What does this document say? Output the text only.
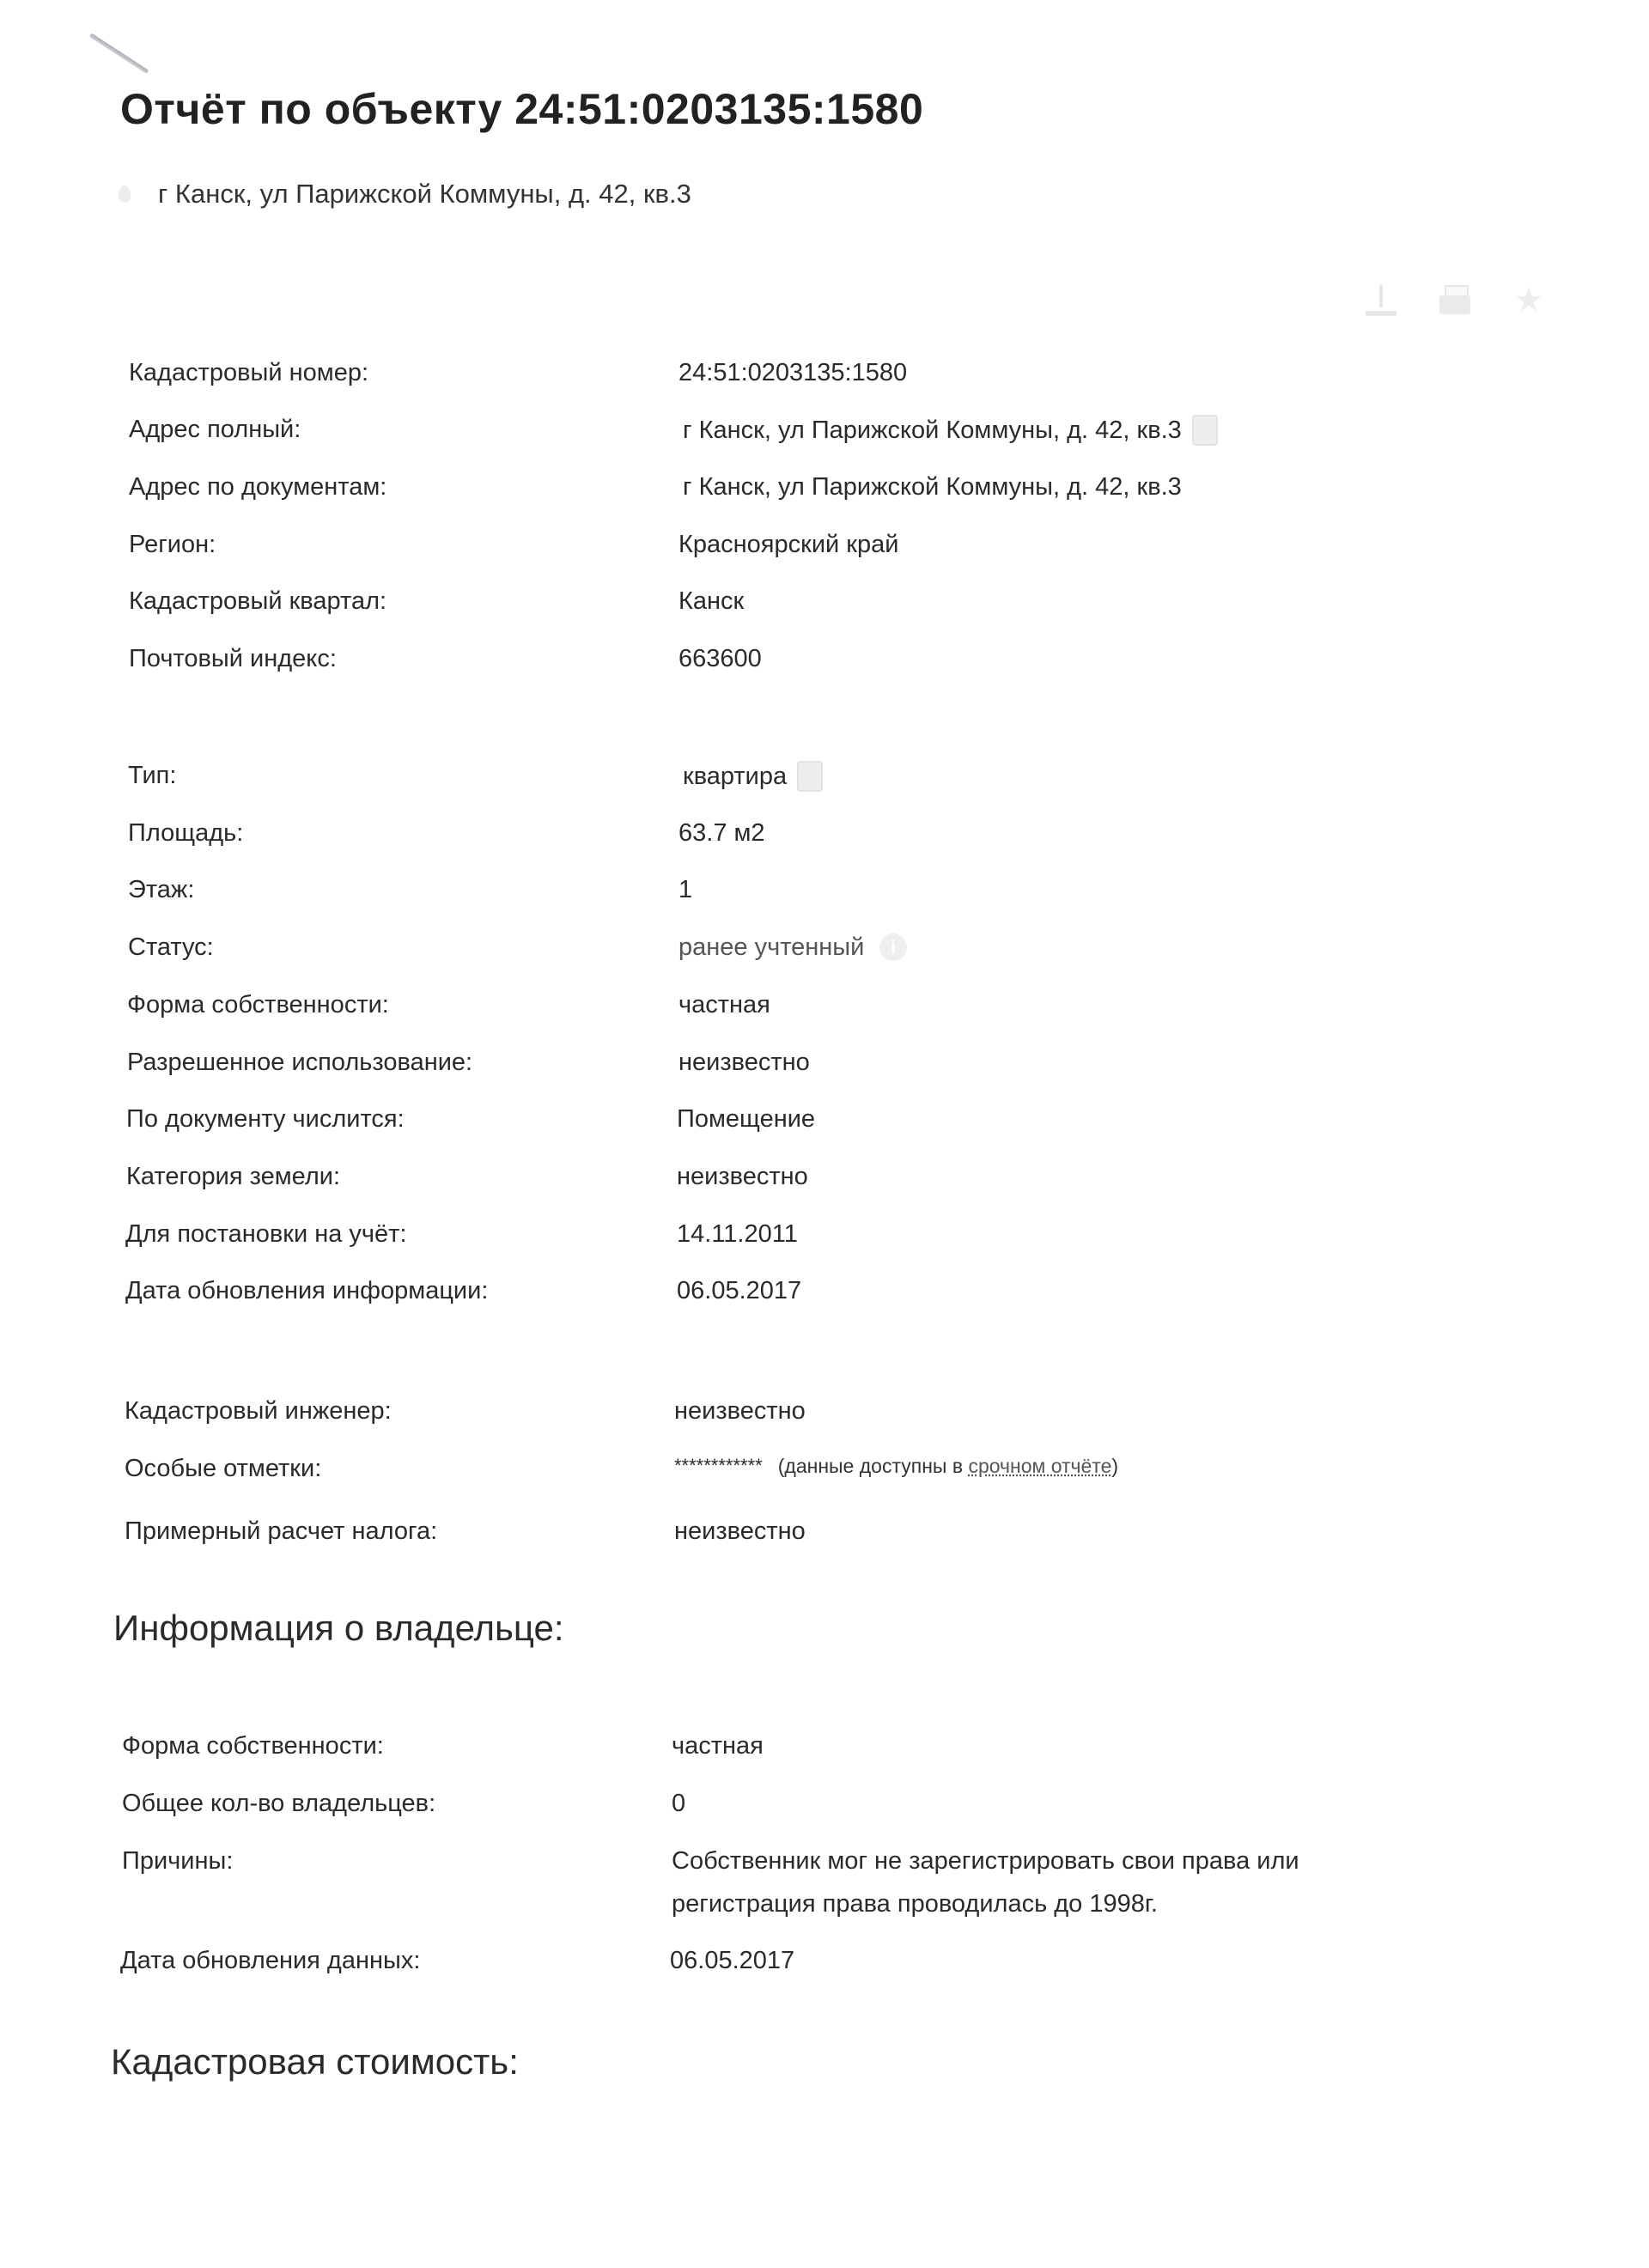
Отчёт по объекту 24:51:0203135:1580
г Канск, ул Парижской Коммуны, д. 42, кв.3
★
Кадастровый номер:	24:51:0203135:1580
Адрес полный:	г Канск, ул Парижской Коммуны, д. 42, кв.3
Адрес по документам:	г Канск, ул Парижской Коммуны, д. 42, кв.3
Регион:	Красноярский край
Кадастровый квартал:	Канск
Почтовый индекс:	663600
Тип:	квартира
Площадь:	63.7 м2
Этаж:	1
Статус:	ранее учтенный	i
Форма собственности:	частная
Разрешенное использование:	неизвестно
По документу числится:	Помещение
Категория земели:	неизвестно
Для постановки на учёт:	14.11.2011
Дата обновления информации:	06.05.2017
Кадастровый инженер:	неизвестно
Особые отметки:	************ (данные доступны в срочном отчёте)
Примерный расчет налога:	неизвестно
Информация о владельце:
Форма собственности:	частная
Общее кол-во владельцев:	0
Причины:	Собственник мог не зарегистрировать свои права или регистрация права проводилась до 1998г.
Дата обновления данных:	06.05.2017
Кадастровая стоимость:
